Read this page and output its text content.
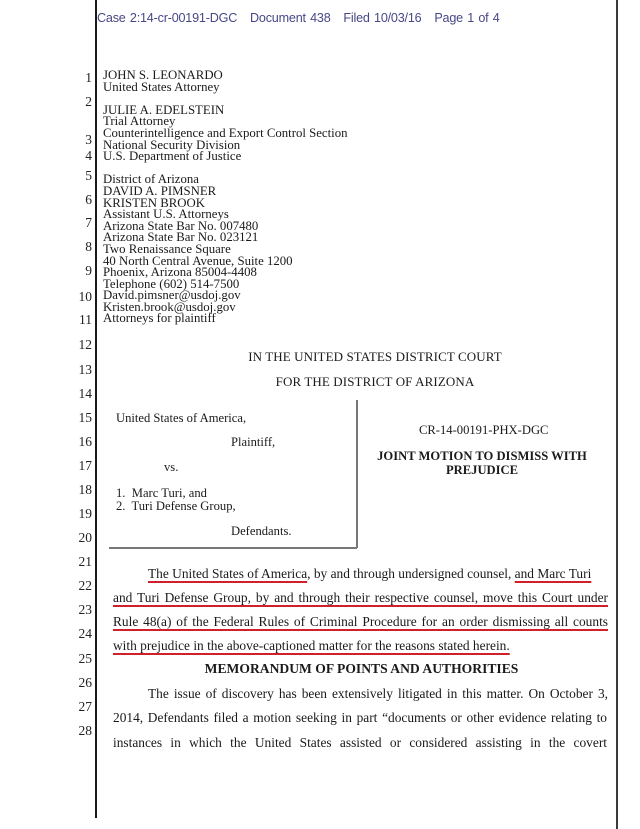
Case 2:14-cr-00191-DGC Document 438 Filed 10/03/16 Page 1 of 4
1
2
3
4
5
6
7
8
9
10
11
12
13
14
15
16
17
18
19
20
21
22
23
24
25
26
27
28
JOHN S. LEONARDO
United States Attorney
JULIE A. EDELSTEIN
Trial Attorney
Counterintelligence and Export Control Section
National Security Division
U.S. Department of Justice
District of Arizona
DAVID A. PIMSNER
KRISTEN BROOK
Assistant U.S. Attorneys
Arizona State Bar No. 007480
Arizona State Bar No. 023121
Two Renaissance Square
40 North Central Avenue, Suite 1200
Phoenix, Arizona 85004-4408
Telephone (602) 514-7500
David.pimsner@usdoj.gov
Kristen.brook@usdoj.gov
Attorneys for plaintiff
IN THE UNITED STATES DISTRICT COURT
FOR THE DISTRICT OF ARIZONA
United States of America,
Plaintiff,
vs.
1.  Marc Turi, and
2.  Turi Defense Group,
Defendants.
CR-14-00191-PHX-DGC
JOINT MOTION TO DISMISS WITH
PREJUDICE
The United States of America, by and through undersigned counsel, and Marc Turi
and Turi Defense Group, by and through their respective counsel, move this Court under
Rule 48(a) of the Federal Rules of Criminal Procedure for an order dismissing all counts
with prejudice in the above-captioned matter for the reasons stated herein.
MEMORANDUM OF POINTS AND AUTHORITIES
The issue of discovery has been extensively litigated in this matter. On October 3,
2014, Defendants filed a motion seeking in part “documents or other evidence relating to
instances in which the United States assisted or considered assisting in the covert
